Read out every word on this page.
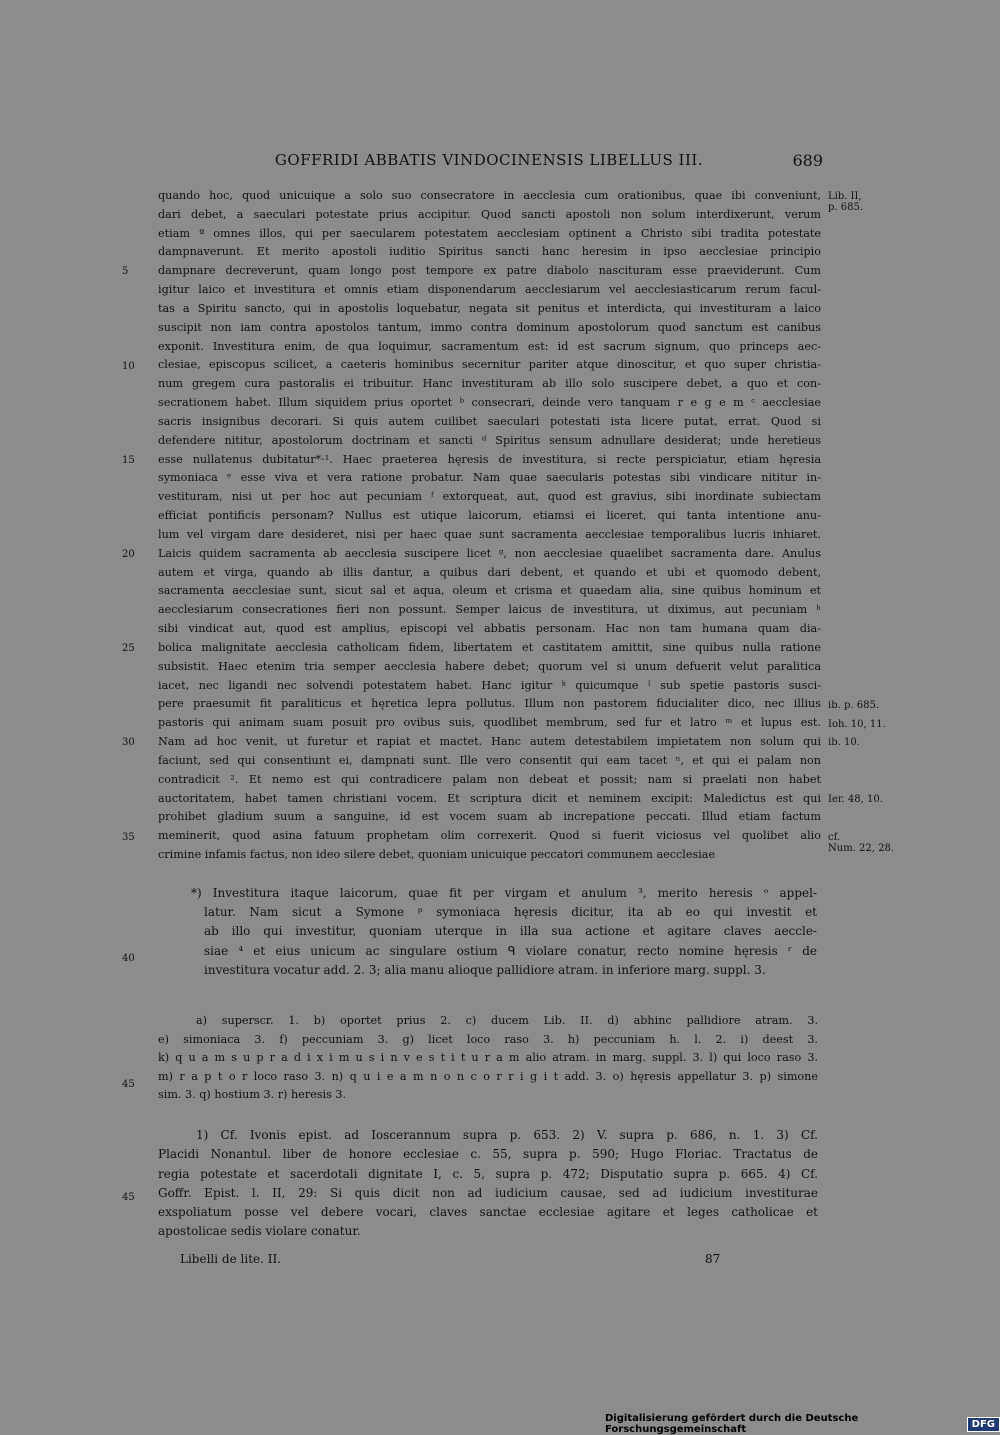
GOFFRIDI ABBATIS VINDOCINENSIS LIBELLUS III.	689
quando hoc, quod unicuique a solo suo consecratore in aecclesia cum orationibus, quae ibi conveniunt,
dari debet, a saeculari potestate prius accipitur. Quod sancti apostoli non solum interdixerunt, verum
etiam ª omnes illos, qui per saecularem potestatem aecclesiam optinent a Christo sibi tradita potestate
dampnaverunt. Et merito apostoli iuditio Spiritus sancti hanc heresim in ipso aecclesiae principio
dampnare decreverunt, quam longo post tempore ex patre diabolo nascituram esse praeviderunt. Cum
igitur laico et investitura et omnis etiam disponendarum aecclesiarum vel aecclesiasticarum rerum facul-
tas a Spiritu sancto, qui in apostolis loquebatur, negata sit penitus et interdicta, qui investituram a laico
suscipit non iam contra apostolos tantum, immo contra dominum apostolorum quod sanctum est canibus
exponit. Investitura enim, de qua loquimur, sacramentum est: id est sacrum signum, quo princeps aec-
clesiae, episcopus scilicet, a caeteris hominibus secernitur pariter atque dinoscitur, et quo super christia-
num gregem cura pastoralis ei tribuitur. Hanc investituram ab illo solo suscipere debet, a quo et con-
secrationem habet. Illum siquidem prius oportet ᵇ consecrari, deinde vero tanquam r e g e m ᶜ aecclesiae
sacris insignibus decorari. Si quis autem cuilibet saeculari potestati ista licere putat, errat. Quod si
defendere nititur, apostolorum doctrinam et sancti ᵈ Spiritus sensum adnullare desiderat; unde heretieus
esse nullatenus dubitatur*·¹. Haec praeterea hęresis de investitura, si recte perspiciatur, etiam hęresia
symoniaca ᵉ esse viva et vera ratione probatur. Nam quae saecularis potestas sibi vindicare nititur in-
vestituram, nisi ut per hoc aut pecuniam ᶠ extorqueat, aut, quod est gravius, sibi inordinate subiectam
efficiat pontificis personam? Nullus est utique laicorum, etiamsi ei liceret, qui tanta intentione anu-
lum vel virgam dare desideret, nisi per haec quae sunt sacramenta aecclesiae temporalibus lucris inhiaret.
Laicis quidem sacramenta ab aecclesia suscipere licet ᵍ, non aecclesiae quaelibet sacramenta dare. Anulus
autem et virga, quando ab illis dantur, a quibus dari debent, et quando et ubi et quomodo debent,
sacramenta aecclesiae sunt, sicut sal et aqua, oleum et crisma et quaedam alia, sine quibus hominum et
aecclesiarum consecrationes fieri non possunt. Semper laicus de investitura, ut diximus, aut pecuniam ʰ
sibi vindicat aut, quod est amplius, episcopi vel abbatis personam. Hac non tam humana quam dia-
bolica malignitate aecclesia catholicam fidem, libertatem et castitatem amittit, sine quibus nulla ratione
subsistit. Haec etenim tria semper aecclesia habere debet; quorum vel si unum defuerit velut paralitica
iacet, nec ligandi nec solvendi potestatem habet. Hanc igitur ᵏ quicumque ˡ sub spetie pastoris susci-
pere praesumit fit paraliticus et hęretica lepra pollutus. Illum non pastorem fiducialiter dico, nec illius
pastoris qui animam suam posuit pro ovibus suis, quodlibet membrum, sed fur et latro ᵐ et lupus est.
Nam ad hoc venit, ut furetur et rapiat et mactet. Hanc autem detestabilem impietatem non solum qui
faciunt, sed qui consentiunt ei, dampnati sunt. Ille vero consentit qui eam tacet ⁿ, et qui ei palam non
contradicit ². Et nemo est qui contradicere palam non debeat et possit; nam si praelati non habet
auctoritatem, habet tamen christiani vocem. Et scriptura dicit et neminem excipit: Maledictus est qui
prohibet gladium suum a sanguine, id est vocem suam ab increpatione peccati. Illud etiam factum
meminerit, quod asina fatuum prophetam olim correxerit. Quod si fuerit viciosus vel quolibet alio
crimine infamis factus, non ideo silere debet, quoniam unicuique peccatori communem aecclesiae
5
10
15
20
25
30
35
Lib. II,
p. 685.
ib. p. 685.
Ioh. 10, 11.
ib. 10.
Ier. 48, 10.
cf.
Num. 22, 28.
*) Investitura itaque laicorum, quae fit per virgam et anulum ³, merito heresis ᵒ appel-
latur. Nam sicut a Symone ᵖ symoniaca hęresis dicitur, ita ab eo qui investit et
ab illo qui investitur, quoniam uterque in illa sua actione et agitare claves aeccle-
siae ⁴ et eius unicum ac singulare ostium ᑫ violare conatur, recto nomine hęresis ʳ de
investitura vocatur add. 2. 3; alia manu alioque pallidiore atram. in inferiore marg. suppl. 3.
40
a) superscr. 1. b) oportet prius 2. c) ducem Lib. II. d) abhinc pallidiore atram. 3.
e) simoniaca 3. f) peccuniam 3. g) licet loco raso 3. h) peccuniam h. l. 2. i) deest 3.
k) q u a m s u p r a d i x i m u s i n v e s t i t u r a m alio atram. in marg. suppl. 3. l) qui loco raso 3.
m) r a p t o r loco raso 3. n) q u i e a m n o n c o r r i g i t add. 3. o) hęresis appellatur 3. p) simone
sim. 3. q) hostium 3. r) heresis 3.
45
1) Cf. Ivonis epist. ad Ioscerannum supra p. 653. 2) V. supra p. 686, n. 1. 3) Cf.
Placidi Nonantul. liber de honore ecclesiae c. 55, supra p. 590; Hugo Floriac. Tractatus de
regia potestate et sacerdotali dignitate I, c. 5, supra p. 472; Disputatio supra p. 665. 4) Cf.
Goffr. Epist. l. II, 29: Si quis dicit non ad iudicium causae, sed ad iudicium investiturae
exspoliatum posse vel debere vocari, claves sanctae ecclesiae agitare et leges catholicae et
apostolicae sedis violare conatur.
45
Libelli de lite. II.	87
Digitalisierung gefördert durch die Deutsche Forschungsgemeinschaft	DFG
